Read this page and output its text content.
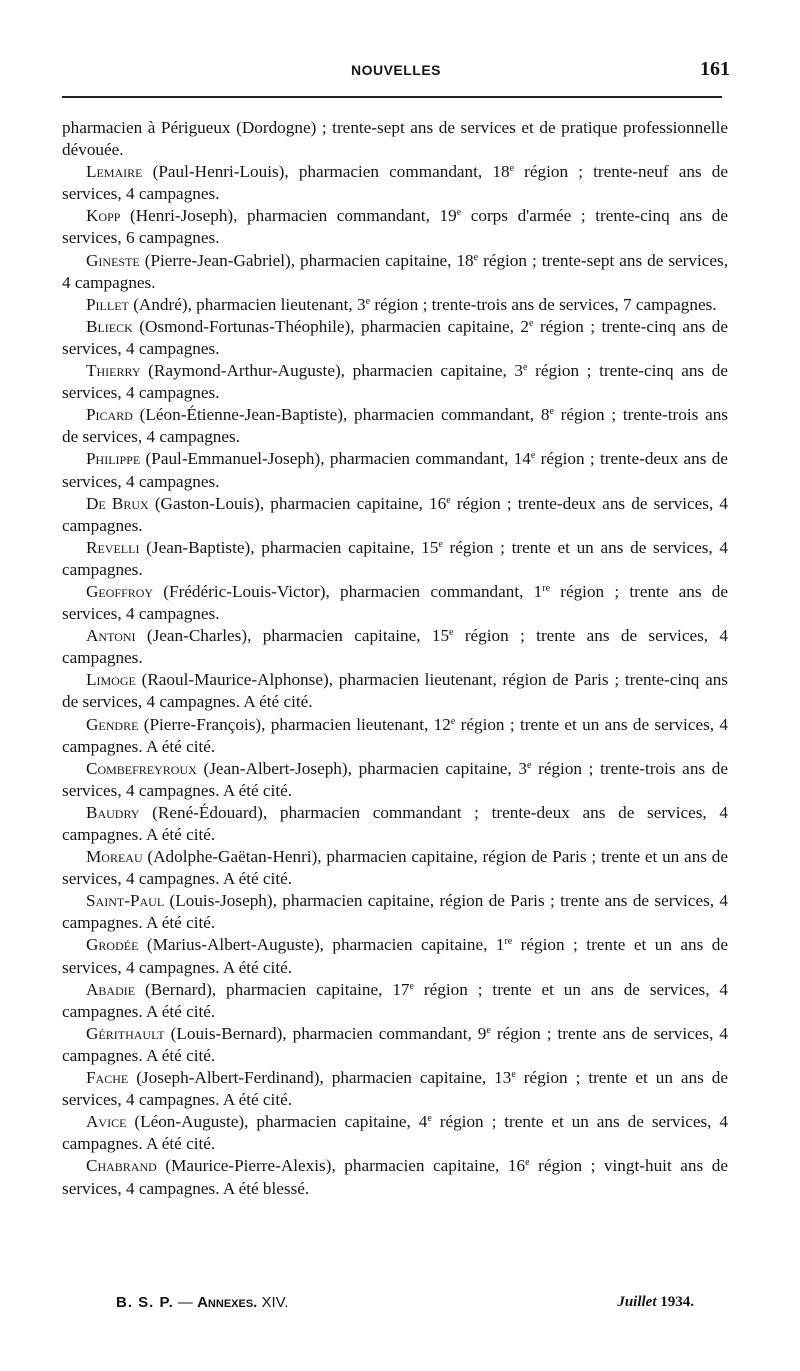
NOUVELLES	161

pharmacien à Périgueux (Dordogne) ; trente-sept ans de services et de pratique professionnelle dévouée.

Lemaire (Paul-Henri-Louis), pharmacien commandant, 18e région ; trente-neuf ans de services, 4 campagnes.

Kopp (Henri-Joseph), pharmacien commandant, 19e corps d'armée ; trente-cinq ans de services, 6 campagnes.

Gineste (Pierre-Jean-Gabriel), pharmacien capitaine, 18e région ; trente-sept ans de services, 4 campagnes.

Pillet (André), pharmacien lieutenant, 3e région ; trente-trois ans de services, 7 campagnes.

Blieck (Osmond-Fortunas-Théophile), pharmacien capitaine, 2e région ; trente-cinq ans de services, 4 campagnes.

Thierry (Raymond-Arthur-Auguste), pharmacien capitaine, 3e région ; trente-cinq ans de services, 4 campagnes.

Picard (Léon-Étienne-Jean-Baptiste), pharmacien commandant, 8e région ; trente-trois ans de services, 4 campagnes.

Philippe (Paul-Emmanuel-Joseph), pharmacien commandant, 14e région ; trente-deux ans de services, 4 campagnes.

De Brux (Gaston-Louis), pharmacien capitaine, 16e région ; trente-deux ans de services, 4 campagnes.

Revelli (Jean-Baptiste), pharmacien capitaine, 15e région ; trente et un ans de services, 4 campagnes.

Geoffroy (Frédéric-Louis-Victor), pharmacien commandant, 1re région ; trente ans de services, 4 campagnes.

Antoni (Jean-Charles), pharmacien capitaine, 15e région ; trente ans de services, 4 campagnes.

Limoge (Raoul-Maurice-Alphonse), pharmacien lieutenant, région de Paris ; trente-cinq ans de services, 4 campagnes. A été cité.

Gendre (Pierre-François), pharmacien lieutenant, 12e région ; trente et un ans de services, 4 campagnes. A été cité.

Combefreyroux (Jean-Albert-Joseph), pharmacien capitaine, 3e région ; trente-trois ans de services, 4 campagnes. A été cité.

Baudry (René-Édouard), pharmacien commandant ; trente-deux ans de services, 4 campagnes. A été cité.

Moreau (Adolphe-Gaëtan-Henri), pharmacien capitaine, région de Paris ; trente et un ans de services, 4 campagnes. A été cité.

Saint-Paul (Louis-Joseph), pharmacien capitaine, région de Paris ; trente ans de services, 4 campagnes. A été cité.

Grodée (Marius-Albert-Auguste), pharmacien capitaine, 1re région ; trente et un ans de services, 4 campagnes. A été cité.

Abadie (Bernard), pharmacien capitaine, 17e région ; trente et un ans de services, 4 campagnes. A été cité.

Gérithault (Louis-Bernard), pharmacien commandant, 9e région ; trente ans de services, 4 campagnes. A été cité.

Fache (Joseph-Albert-Ferdinand), pharmacien capitaine, 13e région ; trente et un ans de services, 4 campagnes. A été cité.

Avice (Léon-Auguste), pharmacien capitaine, 4e région ; trente et un ans de services, 4 campagnes. A été cité.

Chabrand (Maurice-Pierre-Alexis), pharmacien capitaine, 16e région ; vingt-huit ans de services, 4 campagnes. A été blessé.

B. S. P. — Annexes. XIV.	Juillet 1934.
